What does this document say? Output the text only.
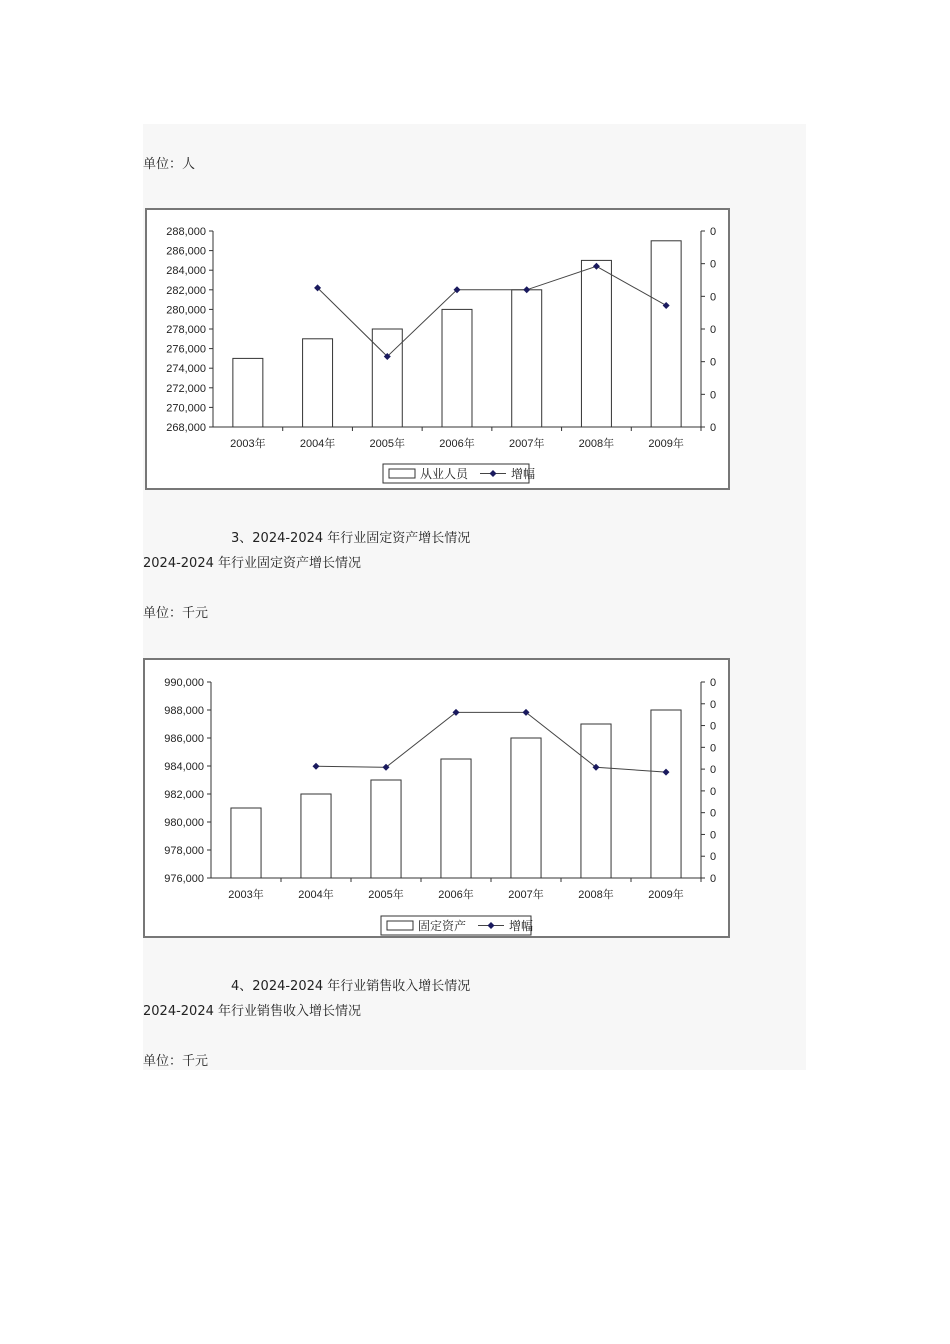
单位：人
288,000
286,000
284,000
282,000
280,000
278,000
276,000
274,000
272,000
270,000
268,000
0
0
0
0
0
0
0
2003年	2004年	2005年	2006年	2007年	2008年	2009年
从业人员	增幅
3、2024-2024 年行业固定资产增长情况
2024-2024 年行业固定资产增长情况
单位：千元
990,000
988,000
986,000
984,000
982,000
980,000
978,000
976,000
0
0
0
0
0
0
0
0
0
0
2003年	2004年	2005年	2006年	2007年	2008年	2009年
固定资产	增幅
4、2024-2024 年行业销售收入增长情况
2024-2024 年行业销售收入增长情况
单位：千元
